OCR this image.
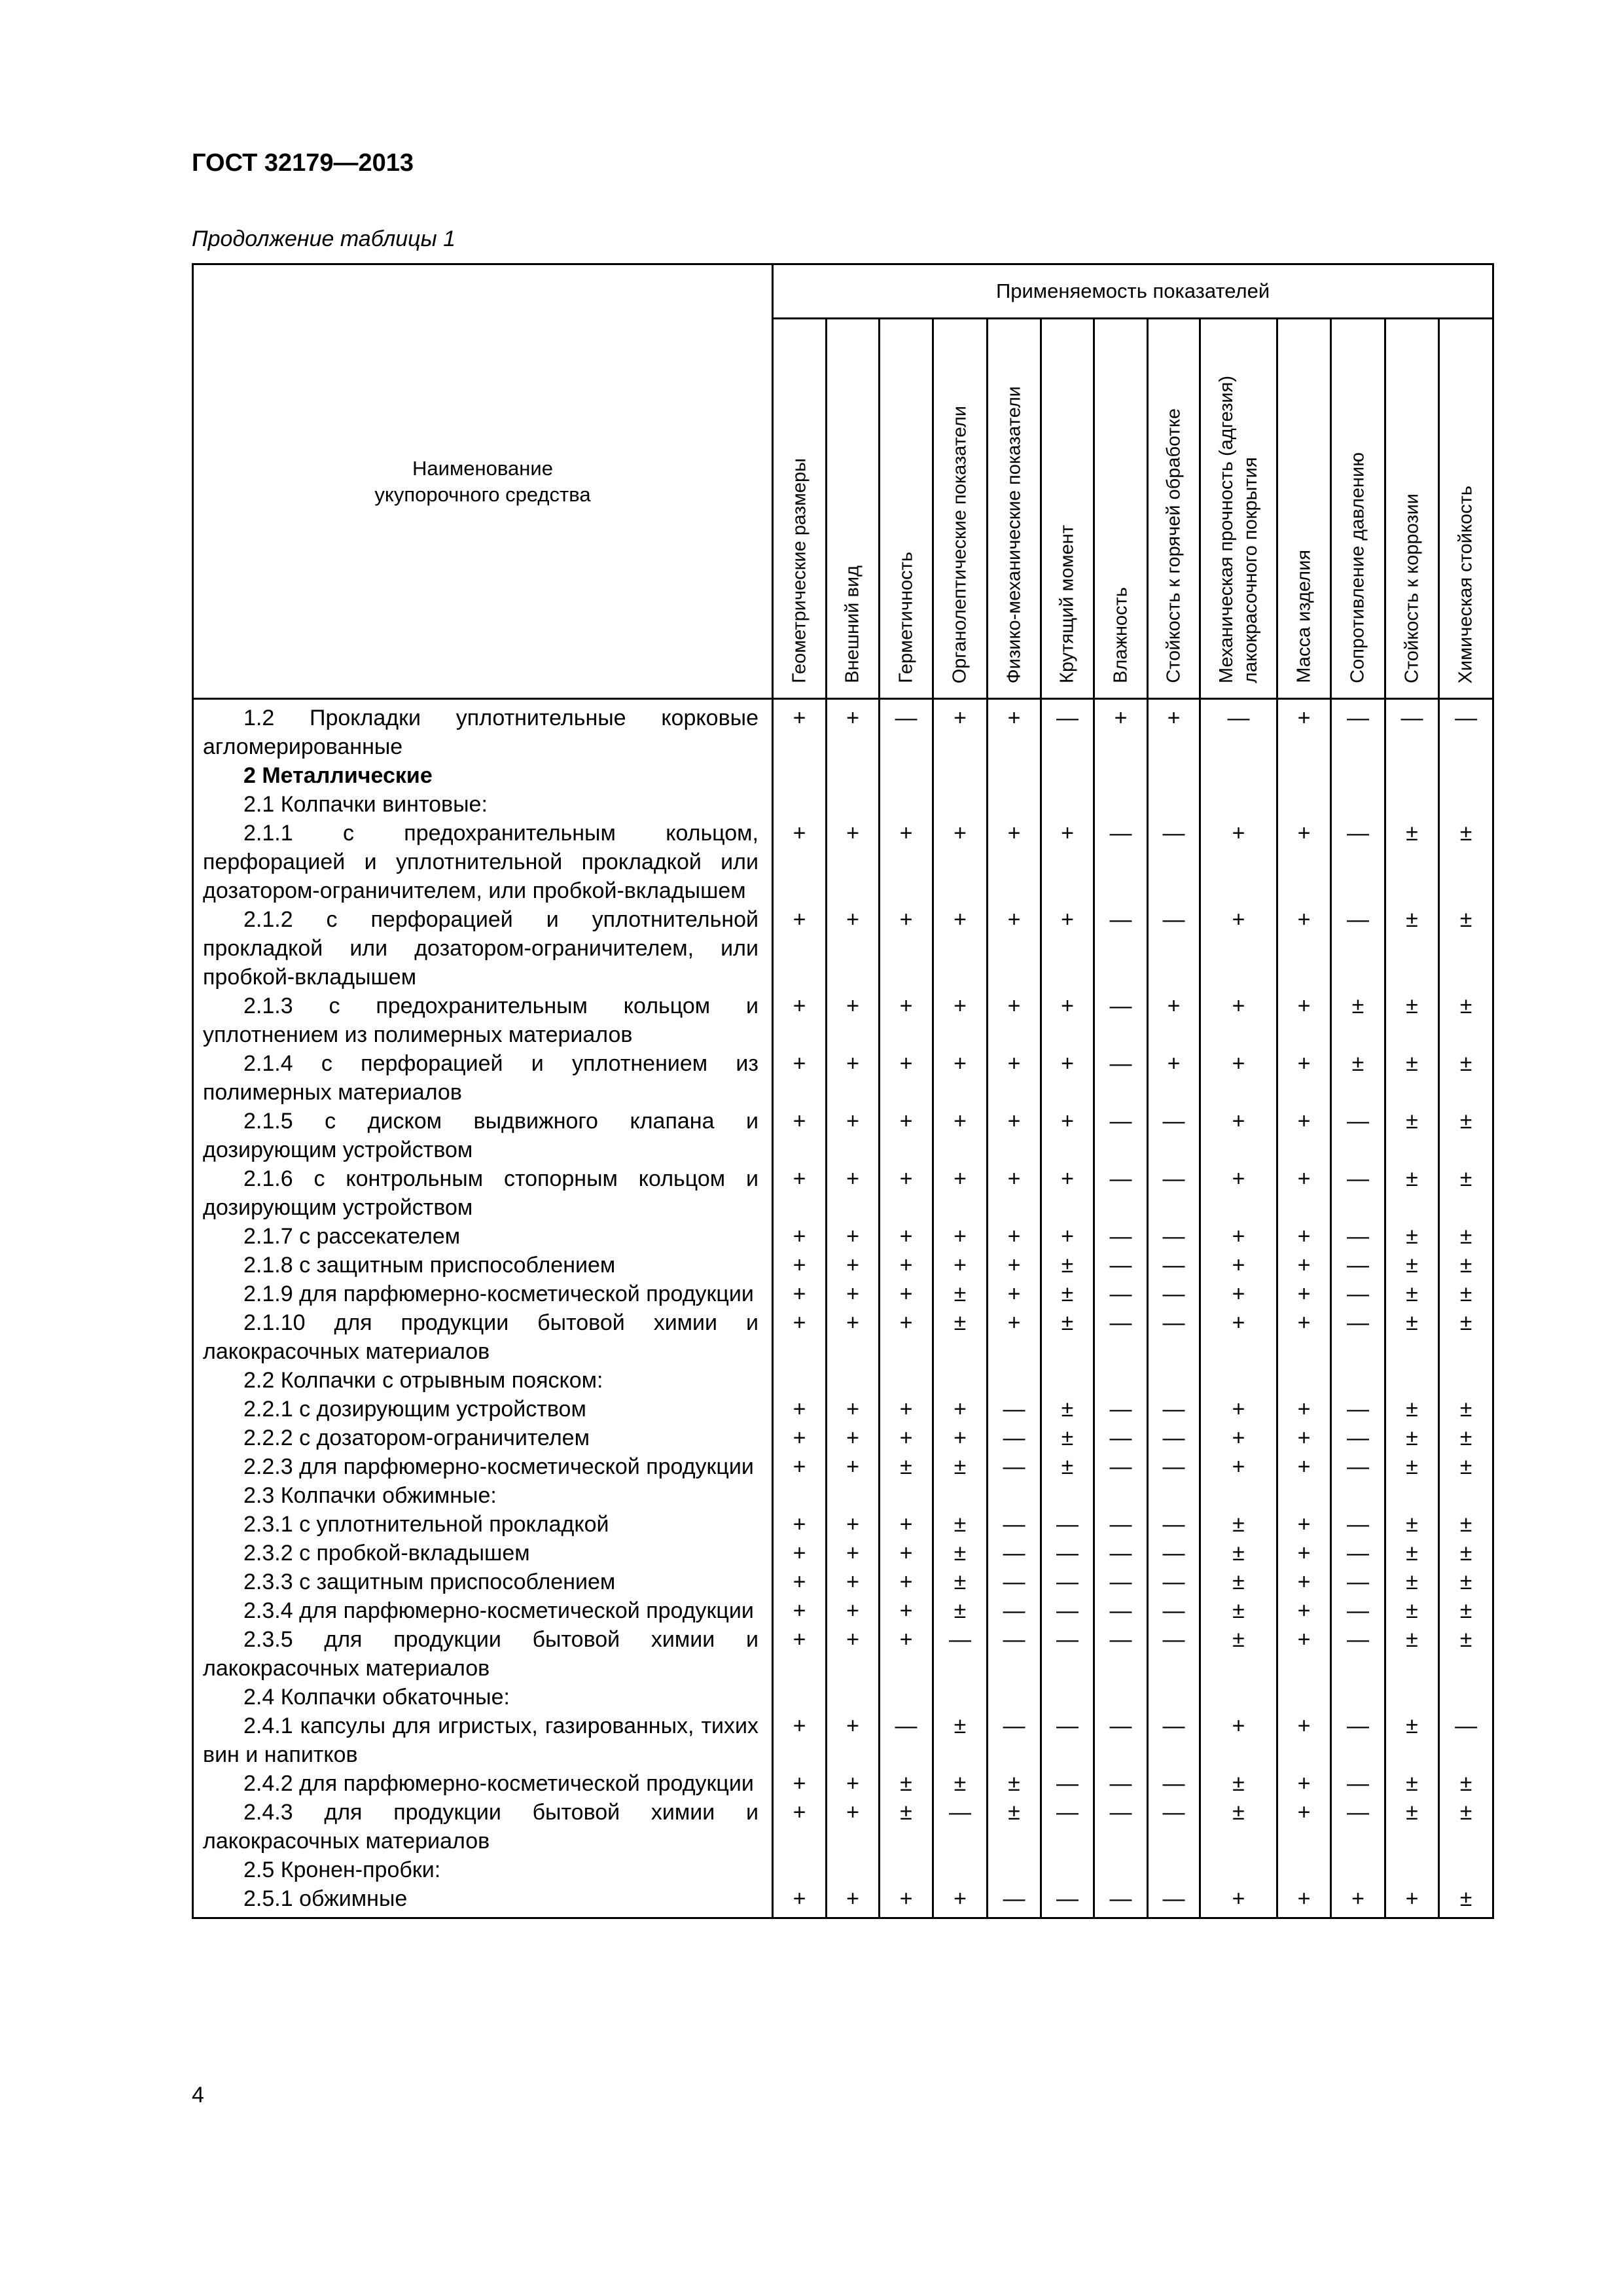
ГОСТ 32179—2013
Продолжение таблицы 1
Наименование
укупорочного средства	Применяемость показателей												

	Геометрические размеры	Внешний вид	Герметичность	Органолептические показатели	Физико-механические показатели	Крутящий момент	Влажность	Стойкость к горячей обработке	Механическая прочность (адгезия)
лакокрасочного покрытия	Масса изделия	Сопротивление давлению	Стойкость к коррозии	Химическая стойкость

1.2 Прокладки уплотнительные корковые агломерированные	+	+	—	+	+	—	+	+	—	+	—	—	—

2 Металлические													

2.1 Колпачки винтовые:													

2.1.1 с предохранительным кольцом, перфорацией и уплотнительной прокладкой или дозатором-ограничителем, или пробкой-вкладышем	+	+	+	+	+	+	—	—	+	+	—	±	±

2.1.2 с перфорацией и уплотнительной прокладкой или дозатором-ограничителем, или пробкой-вкладышем	+	+	+	+	+	+	—	—	+	+	—	±	±

2.1.3 с предохранительным кольцом и уплотнением из полимерных материалов	+	+	+	+	+	+	—	+	+	+	±	±	±

2.1.4 с перфорацией и уплотнением из полимерных материалов	+	+	+	+	+	+	—	+	+	+	±	±	±

2.1.5 с диском выдвижного клапана и дозирующим устройством	+	+	+	+	+	+	—	—	+	+	—	±	±

2.1.6 с контрольным стопорным кольцом и дозирующим устройством	+	+	+	+	+	+	—	—	+	+	—	±	±

2.1.7 с рассекателем	+	+	+	+	+	+	—	—	+	+	—	±	±

2.1.8 с защитным приспособлением	+	+	+	+	+	±	—	—	+	+	—	±	±

2.1.9 для парфюмерно-косметической продукции	+	+	+	±	+	±	—	—	+	+	—	±	±

2.1.10 для продукции бытовой химии и лакокрасочных материалов	+	+	+	±	+	±	—	—	+	+	—	±	±

2.2 Колпачки с отрывным пояском:													

2.2.1 с дозирующим устройством	+	+	+	+	—	±	—	—	+	+	—	±	±

2.2.2 с дозатором-ограничителем	+	+	+	+	—	±	—	—	+	+	—	±	±

2.2.3 для парфюмерно-косметической продукции	+	+	±	±	—	±	—	—	+	+	—	±	±

2.3 Колпачки обжимные:													

2.3.1 с уплотнительной прокладкой	+	+	+	±	—	—	—	—	±	+	—	±	±

2.3.2 с пробкой-вкладышем	+	+	+	±	—	—	—	—	±	+	—	±	±

2.3.3 с защитным приспособлением	+	+	+	±	—	—	—	—	±	+	—	±	±

2.3.4 для парфюмерно-косметической продукции	+	+	+	±	—	—	—	—	±	+	—	±	±

2.3.5 для продукции бытовой химии и лакокрасочных материалов	+	+	+	—	—	—	—	—	±	+	—	±	±

2.4 Колпачки обкаточные:													

2.4.1 капсулы для игристых, газированных, тихих вин и напитков	+	+	—	±	—	—	—	—	+	+	—	±	—

2.4.2 для парфюмерно-косметической продукции	+	+	±	±	±	—	—	—	±	+	—	±	±

2.4.3 для продукции бытовой химии и лакокрасочных материалов	+	+	±	—	±	—	—	—	±	+	—	±	±

2.5 Кронен-пробки:													

2.5.1 обжимные	+	+	+	+	—	—	—	—	+	+	+	+	±
4
